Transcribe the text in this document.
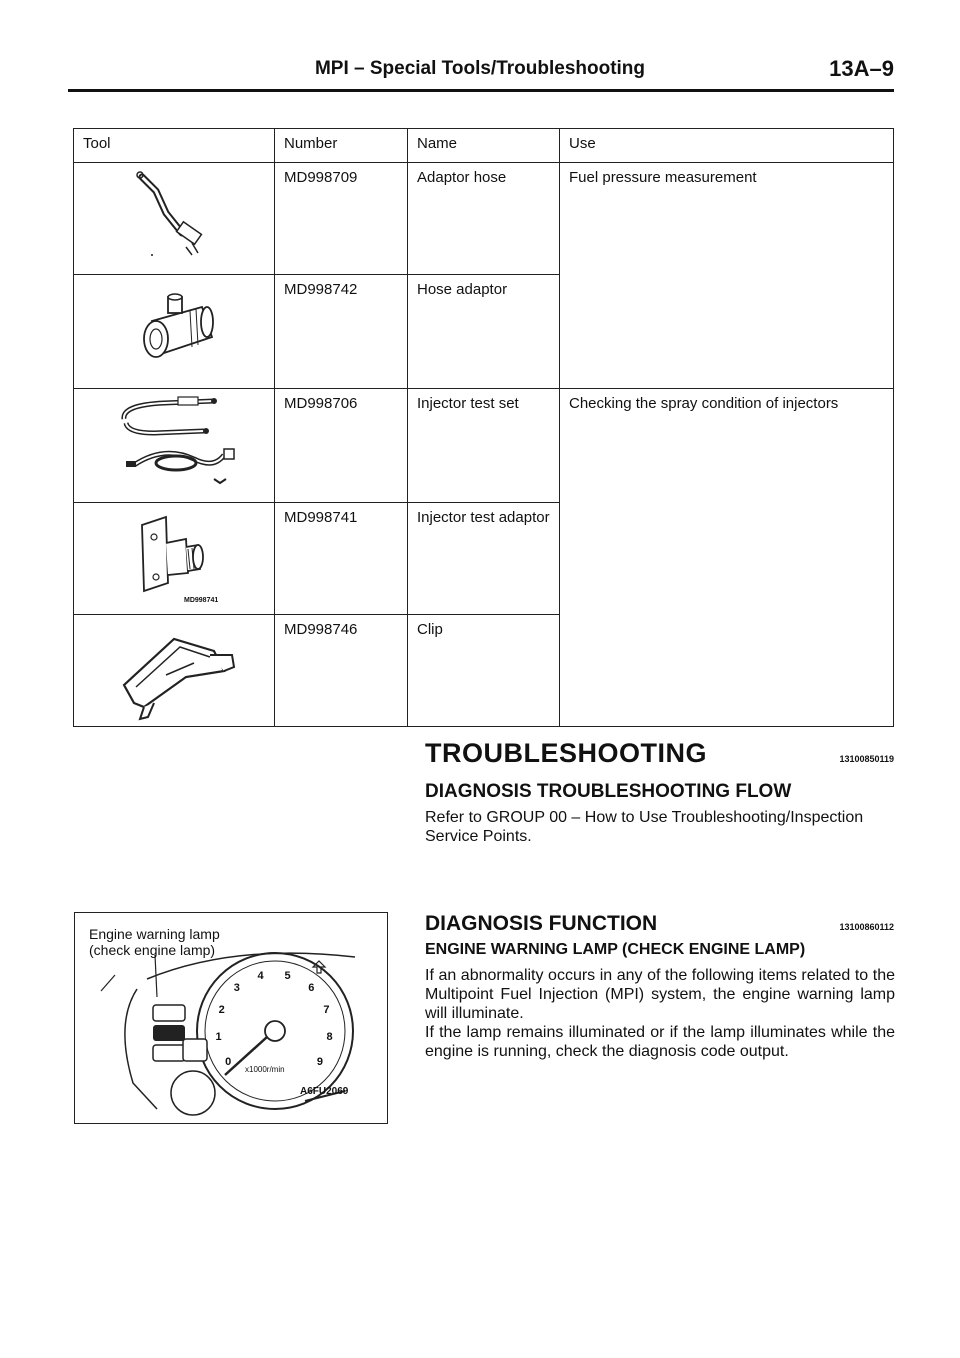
MPI – Special Tools/Troubleshooting	13A–9
Tool	Number	Name	Use

	MD998709	Adaptor hose	Fuel pressure measurement

	MD998742	Hose adaptor	

	MD998706	Injector test set	Checking the spray condition of injectors

MD998741	MD998741	Injector test adaptor	

	MD998746	Clip	
TROUBLESHOOTING	13100850119
DIAGNOSIS TROUBLESHOOTING FLOW
Refer to GROUP 00 – How to Use Troubleshooting/Inspection Service Points.
DIAGNOSIS FUNCTION	13100860112
ENGINE WARNING LAMP (CHECK ENGINE LAMP)
If an abnormality occurs in any of the following items related to the Multipoint Fuel Injection (MPI) system, the engine warning lamp will illuminate.
If the lamp remains illuminated or if the lamp illuminates while the engine is running, check the diagnosis code output.
Engine warning lamp
(check engine lamp)
0
1
2
3
4 5
6
7
8
9
x1000r/min
A6FU2069
